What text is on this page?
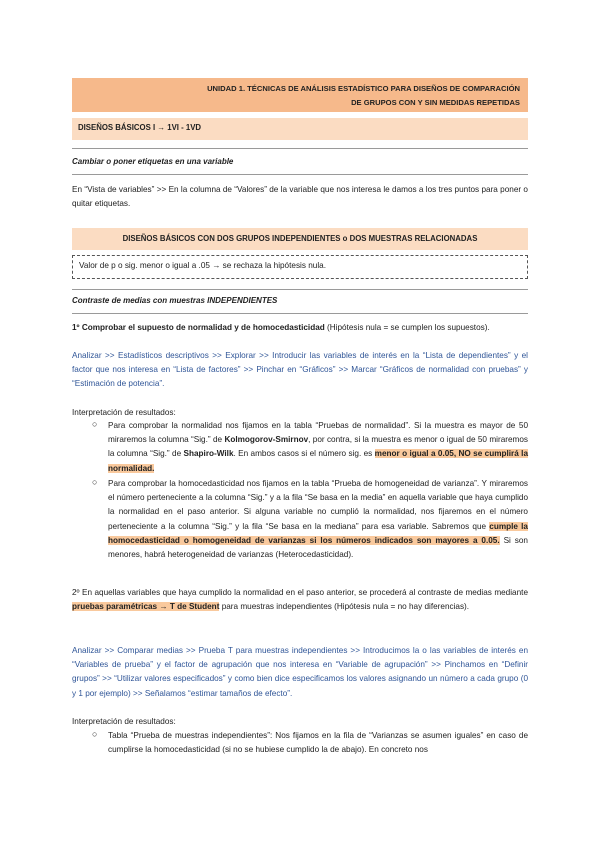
UNIDAD 1. TÉCNICAS DE ANÁLISIS ESTADÍSTICO PARA DISEÑOS DE COMPARACIÓN
DE GRUPOS CON Y SIN MEDIDAS REPETIDAS
DISEÑOS BÁSICOS I → 1VI - 1VD
Cambiar o poner etiquetas en una variable
En “Vista de variables” >> En la columna de “Valores” de la variable que nos interesa le damos a los tres puntos para poner o quitar etiquetas.
DISEÑOS BÁSICOS CON DOS GRUPOS INDEPENDIENTES o DOS MUESTRAS RELACIONADAS
Valor de p o sig. menor o igual a .05 → se rechaza la hipótesis nula.
Contraste de medias con muestras INDEPENDIENTES
1º Comprobar el supuesto de normalidad y de homocedasticidad (Hipótesis nula = se cumplen los supuestos).
Analizar >> Estadísticos descriptivos >> Explorar >> Introducir las variables de interés en la “Lista de dependientes” y el factor que nos interesa en “Lista de factores” >> Pinchar en “Gráficos” >> Marcar “Gráficos de normalidad con pruebas” y “Estimación de potencia”.
Interpretación de resultados:
○	Para comprobar la normalidad nos fijamos en la tabla “Pruebas de normalidad”. Si la muestra es mayor de 50 miraremos la columna “Sig.” de Kolmogorov-Smirnov, por contra, si la muestra es menor o igual de 50 miraremos la columna “Sig.” de Shapiro-Wilk. En ambos casos si el número sig. es menor o igual a 0.05, NO se cumplirá la normalidad.
○	Para comprobar la homocedasticidad nos fijamos en la tabla “Prueba de homogeneidad de varianza”. Y miraremos el número perteneciente a la columna “Sig.” y a la fila “Se basa en la media” en aquella variable que haya cumplido la normalidad en el paso anterior. Si alguna variable no cumplió la normalidad, nos fijaremos en el número perteneciente a la columna “Sig.” y la fila “Se basa en la mediana” para esa variable. Sabremos que cumple la homocedasticidad o homogeneidad de varianzas si los números indicados son mayores a 0.05. Si son menores, habrá heterogeneidad de varianzas (Heterocedasticidad).
2º En aquellas variables que haya cumplido la normalidad en el paso anterior, se procederá al contraste de medias mediante pruebas paramétricas → T de Student para muestras independientes (Hipótesis nula = no hay diferencias).
Analizar >> Comparar medias >> Prueba T para muestras independientes >> Introducimos la o las variables de interés en “Variables de prueba” y el factor de agrupación que nos interesa en “Variable de agrupación” >> Pinchamos en “Definir grupos” >> “Utilizar valores especificados” y como bien dice especificamos los valores asignando un número a cada grupo (0 y 1 por ejemplo) >> Señalamos “estimar tamaños de efecto”.
Interpretación de resultados:
○	Tabla “Prueba de muestras independientes”: Nos fijamos en la fila de “Varianzas se asumen iguales” en caso de cumplirse la homocedasticidad (si no se hubiese cumplido la de abajo). En concreto nos
